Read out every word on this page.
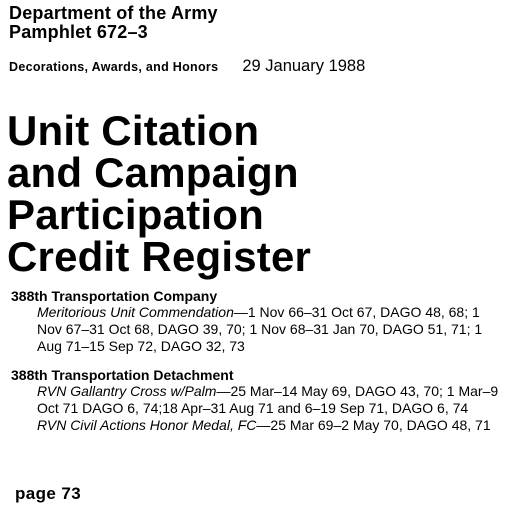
Department of the Army
Pamphlet 672–3
Decorations, Awards, and Honors 29 January 1988
Unit Citation
and Campaign
Participation
Credit Register
388th Transportation Company

Meritorious Unit Commendation—1 Nov 66–31 Oct 67, DAGO 48, 68; 1 Nov 67–31 Oct 68, DAGO 39, 70; 1 Nov 68–31 Jan 70, DAGO 51, 71; 1 Aug 71–15 Sep 72, DAGO 32, 73

388th Transportation Detachment

RVN Gallantry Cross w/Palm—25 Mar–14 May 69, DAGO 43, 70; 1 Mar–9 Oct 71 DAGO 6, 74;18 Apr–31 Aug 71 and 6–19 Sep 71, DAGO 6, 74

RVN Civil Actions Honor Medal, FC—25 Mar 69–2 May 70, DAGO 48, 71

page 73
